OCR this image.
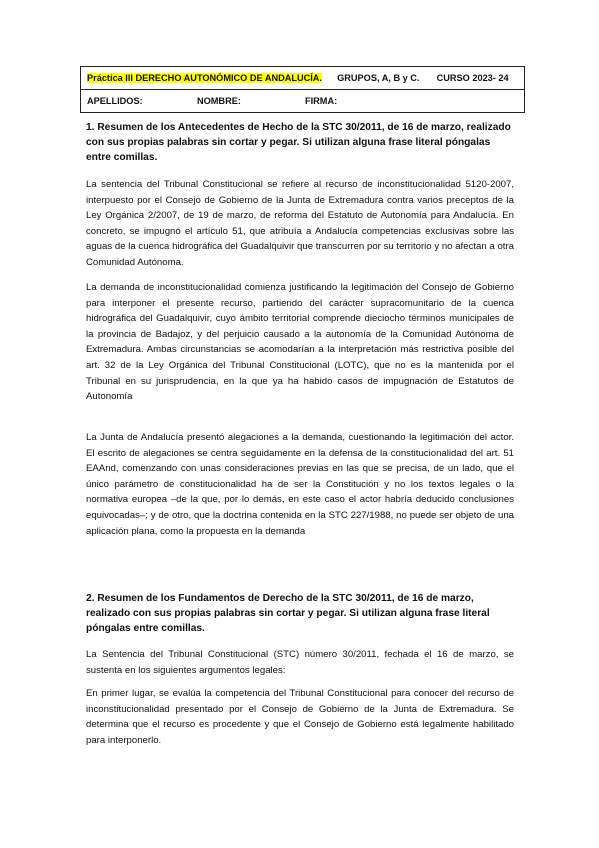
Práctica III DERECHO AUTONÓMICO DE ANDALUCÍA. GRUPOS, A, B y C. CURSO 2023- 24
APELLIDOS:	NOMBRE:	FIRMA:

1. Resumen de los Antecedentes de Hecho de la STC 30/2011, de 16 de marzo, realizado con sus propias palabras sin cortar y pegar. Si utilizan alguna frase literal póngalas entre comillas.

La sentencia del Tribunal Constitucional se refiere al recurso de inconstitucionalidad 5120-2007, interpuesto por el Consejo de Gobierno de la Junta de Extremadura contra varios preceptos de la Ley Orgánica 2/2007, de 19 de marzo, de reforma del Estatuto de Autonomía para Andalucía. En concreto, se impugnó el artículo 51, que atribuía a Andalucía competencias exclusivas sobre las aguas de la cuenca hidrográfica del Guadalquivir que transcurren por su territorio y no afectan a otra Comunidad Autónoma.

La demanda de inconstitucionalidad comienza justificando la legitimación del Consejo de Gobierno para interponer el presente recurso, partiendo del carácter supracomunitario de la cuenca hidrográfica del Guadalquivir, cuyo ámbito territorial comprende dieciocho términos municipales de la provincia de Badajoz, y del perjuicio causado a la autonomía de la Comunidad Autónoma de Extremadura. Ambas circunstancias se acomodarían a la interpretación más restrictiva posible del art. 32 de la Ley Orgánica del Tribunal Constitucional (LOTC), que no es la mantenida por el Tribunal en su jurisprudencia, en la que ya ha habido casos de impugnación de Estatutos de Autonomía

La Junta de Andalucía presentó alegaciones a la demanda, cuestionando la legitimación del actor. El escrito de alegaciones se centra seguidamente en la defensa de la constitucionalidad del art. 51 EAAnd, comenzando con unas consideraciones previas en las que se precisa, de un lado, que el único parámetro de constitucionalidad ha de ser la Constitución y no los textos legales o la normativa europea –de la que, por lo demás, en este caso el actor habría deducido conclusiones equivocadas–; y de otro, que la doctrina contenida en la STC 227/1988, no puede ser objeto de una aplicación plana, como la propuesta en la demanda

2. Resumen de los Fundamentos de Derecho de la STC 30/2011, de 16 de marzo, realizado con sus propias palabras sin cortar y pegar. Si utilizan alguna frase literal póngalas entre comillas.

La Sentencia del Tribunal Constitucional (STC) número 30/2011, fechada el 16 de marzo, se sustenta en los siguientes argumentos legales:

En primer lugar, se evalúa la competencia del Tribunal Constitucional para conocer del recurso de inconstitucionalidad presentado por el Consejo de Gobierno de la Junta de Extremadura. Se determina que el recurso es procedente y que el Consejo de Gobierno está legalmente habilitado para interponerlo.
